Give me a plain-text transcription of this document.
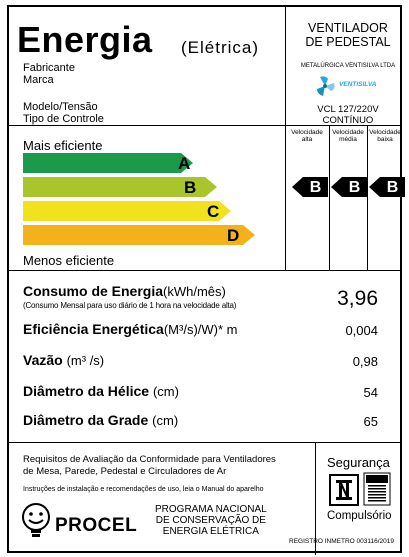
Energia (Elétrica)
Fabricante
Marca
Modelo/Tensão
Tipo de Controle
VENTILADOR
DE PEDESTAL
METALÚRGICA VENTISILVA LTDA
VENTISILVA
VCL 127/220V
CONTÍNUO
Mais eficiente
A
B
C
D
Menos eficiente
Velocidade
alta
Velocidade
média
Velocidade
baixa
B	B	B
Consumo de Energia(kWh/mês)
(Consumo Mensal para uso diário de 1 hora na velocidade alta)	3,96
Eficiência Energética(M³/s)/W)* m	0,004
Vazão (m³ /s)	0,98
Diâmetro da Hélice (cm)	54
Diâmetro da Grade (cm)	65
Requisitos de Avaliação da Conformidade para Ventiladores
de Mesa, Parede, Pedestal e Circuladores de Ar
Instruções de instalação e recomendações de uso, leia o Manual do aparelho
Segurança
Compulsório
PROCEL
PROGRAMA NACIONAL
DE CONSERVAÇÃO DE
ENERGIA ELÉTRICA
REGISTRO INMETRO 003116/2019
